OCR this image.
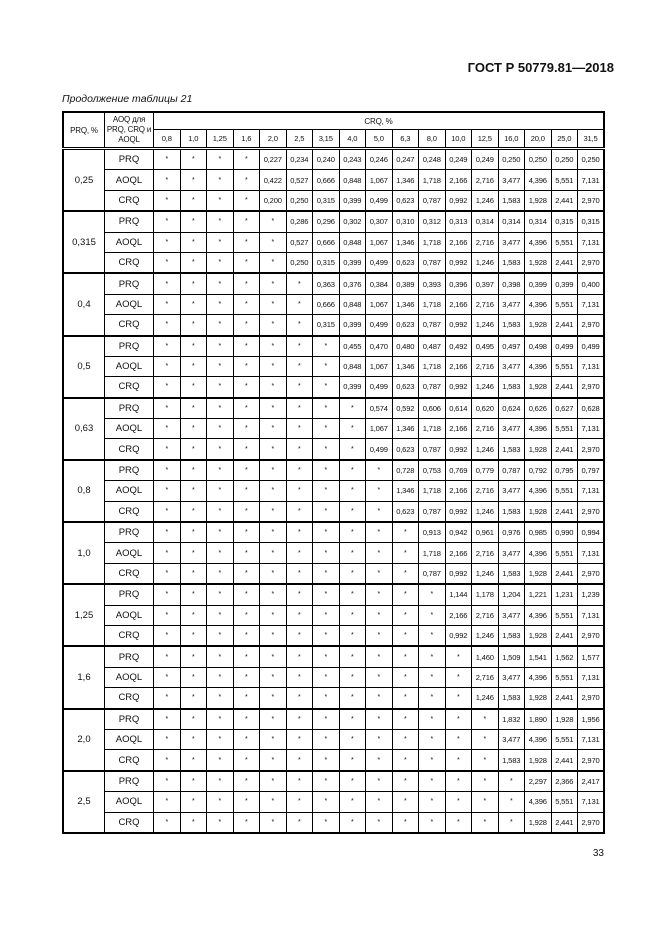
ГОСТ Р 50779.81—2018
Продолжение таблицы 21
PRQ, %	AOQ для PRQ, CRQ и AOQL	CRQ, %																
		0,8	1,0	1,25	1,6	2,0	2,5	3,15	4,0	5,0	6,3	8,0	10,0	12,5	16,0	20,0	25,0	31,5
0,25	PRQ	*	*	*	*	0,227	0,234	0,240	0,243	0,246	0,247	0,248	0,249	0,249	0,250	0,250	0,250	0,250
	AOQL	*	*	*	*	0,422	0,527	0,666	0,848	1,067	1,346	1,718	2,166	2,716	3,477	4,396	5,551	7,131
	CRQ	*	*	*	*	0,200	0,250	0,315	0,399	0,499	0,623	0,787	0,992	1,246	1,583	1,928	2,441	2,970
0,315	PRQ	*	*	*	*	*	0,286	0,296	0,302	0,307	0,310	0,312	0,313	0,314	0,314	0,314	0,315	0,315
	AOQL	*	*	*	*	*	0,527	0,666	0,848	1,067	1,346	1,718	2,166	2,716	3,477	4,396	5,551	7,131
	CRQ	*	*	*	*	*	0,250	0,315	0,399	0,499	0,623	0,787	0,992	1,246	1,583	1,928	2,441	2,970
0,4	PRQ	*	*	*	*	*	*	0,363	0,376	0,384	0,389	0,393	0,396	0,397	0,398	0,399	0,399	0,400
	AOQL	*	*	*	*	*	*	0,666	0,848	1,067	1,346	1,718	2,166	2,716	3,477	4,396	5,551	7,131
	CRQ	*	*	*	*	*	*	0,315	0,399	0,499	0,623	0,787	0,992	1,246	1,583	1,928	2,441	2,970
0,5	PRQ	*	*	*	*	*	*	*	0,455	0,470	0,480	0,487	0,492	0,495	0,497	0,498	0,499	0,499
	AOQL	*	*	*	*	*	*	*	0,848	1,067	1,346	1,718	2,166	2,716	3,477	4,396	5,551	7,131
	CRQ	*	*	*	*	*	*	*	0,399	0,499	0,623	0,787	0,992	1,246	1,583	1,928	2,441	2,970
0,63	PRQ	*	*	*	*	*	*	*	*	0,574	0,592	0,606	0,614	0,620	0,624	0,626	0,627	0,628
	AOQL	*	*	*	*	*	*	*	*	1,067	1,346	1,718	2,166	2,716	3,477	4,396	5,551	7,131
	CRQ	*	*	*	*	*	*	*	*	0,499	0,623	0,787	0,992	1,246	1,583	1,928	2,441	2,970
0,8	PRQ	*	*	*	*	*	*	*	*	*	0,728	0,753	0,769	0,779	0,787	0,792	0,795	0,797
	AOQL	*	*	*	*	*	*	*	*	*	1,346	1,718	2,166	2,716	3,477	4,396	5,551	7,131
	CRQ	*	*	*	*	*	*	*	*	*	0,623	0,787	0,992	1,246	1,583	1,928	2,441	2,970
1,0	PRQ	*	*	*	*	*	*	*	*	*	*	0,913	0,942	0,961	0,976	0,985	0,990	0,994
	AOQL	*	*	*	*	*	*	*	*	*	*	1,718	2,166	2,716	3,477	4,396	5,551	7,131
	CRQ	*	*	*	*	*	*	*	*	*	*	0,787	0,992	1,246	1,583	1,928	2,441	2,970
1,25	PRQ	*	*	*	*	*	*	*	*	*	*	*	1,144	1,178	1,204	1,221	1,231	1,239
	AOQL	*	*	*	*	*	*	*	*	*	*	*	2,166	2,716	3,477	4,396	5,551	7,131
	CRQ	*	*	*	*	*	*	*	*	*	*	*	0,992	1,246	1,583	1,928	2,441	2,970
1,6	PRQ	*	*	*	*	*	*	*	*	*	*	*	*	1,460	1,509	1,541	1,562	1,577
	AOQL	*	*	*	*	*	*	*	*	*	*	*	*	2,716	3,477	4,396	5,551	7,131
	CRQ	*	*	*	*	*	*	*	*	*	*	*	*	1,246	1,583	1,928	2,441	2,970
2,0	PRQ	*	*	*	*	*	*	*	*	*	*	*	*	*	1,832	1,890	1,928	1,956
	AOQL	*	*	*	*	*	*	*	*	*	*	*	*	*	3,477	4,396	5,551	7,131
	CRQ	*	*	*	*	*	*	*	*	*	*	*	*	*	1,583	1,928	2,441	2,970
2,5	PRQ	*	*	*	*	*	*	*	*	*	*	*	*	*	*	2,297	2,366	2,417
	AOQL	*	*	*	*	*	*	*	*	*	*	*	*	*	*	4,396	5,551	7,131
	CRQ	*	*	*	*	*	*	*	*	*	*	*	*	*	*	1,928	2,441	2,970
33
